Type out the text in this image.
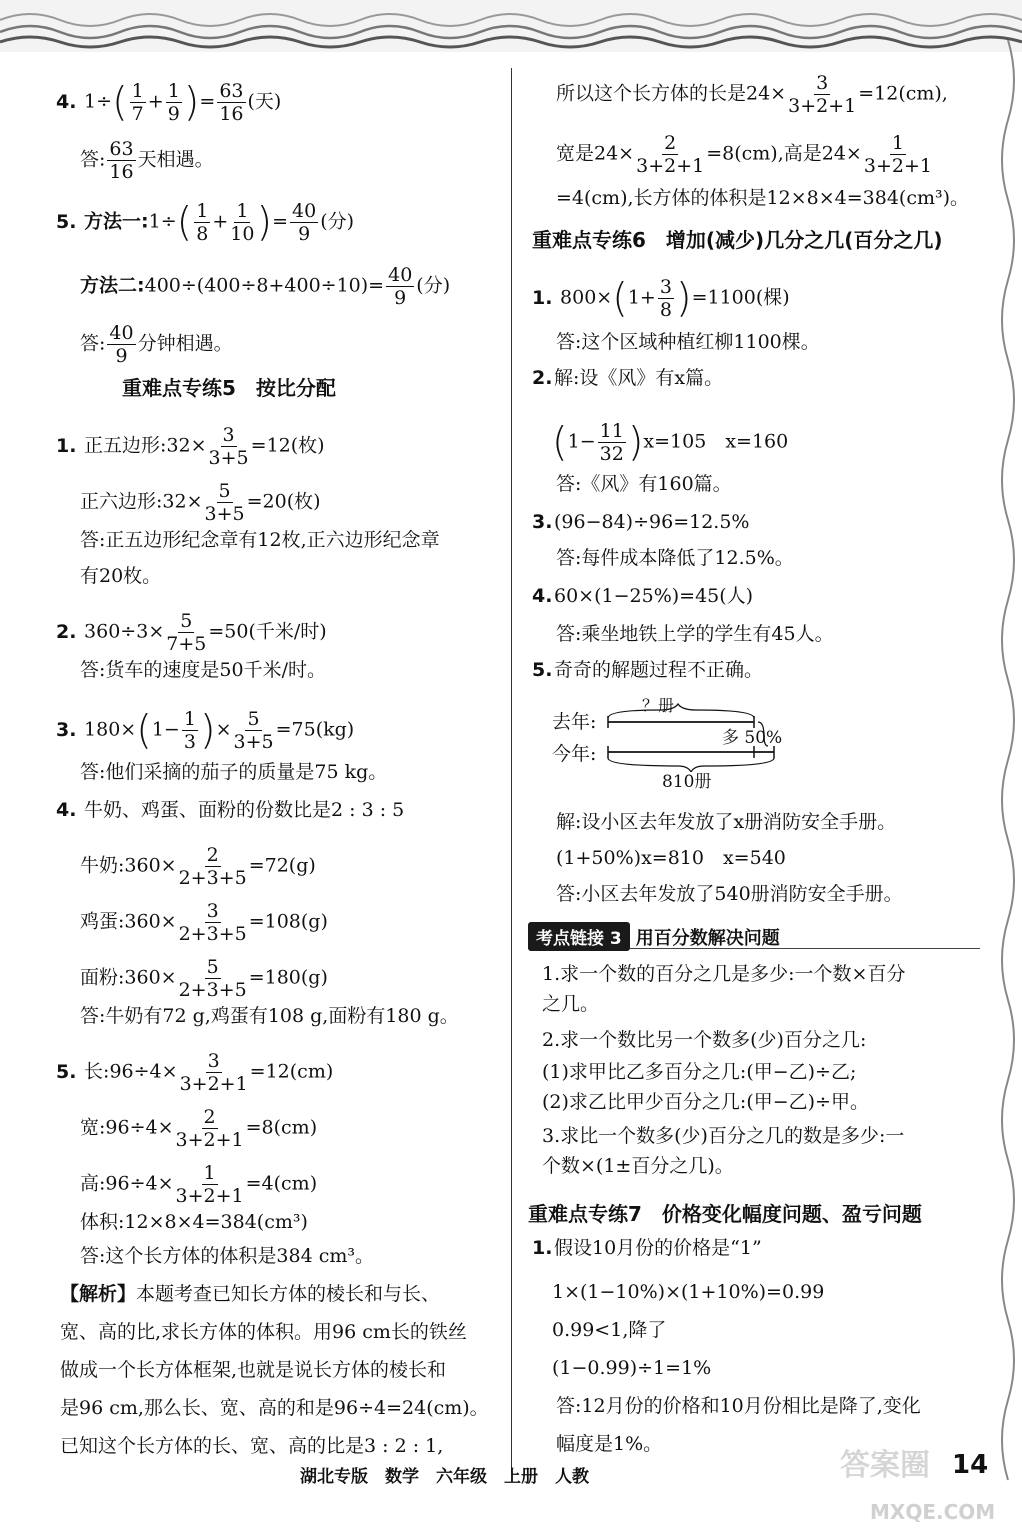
4. $1\div( \frac{1}{7} + \frac{1}{9}$ )= $\frac{63}{16}$ (天)
答: $\frac{63}{16}$ 天相遇。
5. 方法一:1÷( $\frac{1}{8} + \frac{1}{10}$ )= $\frac{40}{9}$ (分)
方法二:400÷(400÷8+400÷10)= $\frac{40}{9}$ (分)
答: $\frac{40}{9}$ 分钟相遇。
重难点专练5　按比分配
1. 正五边形:32× $\frac{3}{3+5} =12$(枚)
正六边形:32× $\frac{5}{3+5} =20$(枚)
答:正五边形纪念章有12枚,正六边形纪念章
有20枚。
2. $360\div 3\times \frac{5}{7+5} =50$(千米/时)
答:货车的速度是50千米/时。
3. $180\times(1- \frac{1}{3}$ )× $\frac{5}{3+5} =75(kg)$
答:他们采摘的茄子的质量是75 kg。
4. 牛奶、鸡蛋、面粉的份数比是2 : 3 : 5
牛奶:360× $\frac{2}{2+3+5} =72(g)$
鸡蛋:360× $\frac{3}{2+3+5} =108(g)$
面粉:360× $\frac{5}{2+3+5} =180(g)$
答:牛奶有72 g,鸡蛋有108 g,面粉有180 g。
5. 长:96÷4× $\frac{3}{3+2+1} =12(cm)$
宽:96÷4× $\frac{2}{3+2+1} =8(cm)$
高:96÷4× $\frac{1}{3+2+1} =4(cm)$
体积:12×8×4=384(cm³)
答:这个长方体的体积是384 cm³。
【解析】本题考查已知长方体的棱长和与长、
宽、高的比,求长方体的体积。用96 cm长的铁丝
做成一个长方体框架,也就是说长方体的棱长和
是96 cm,那么长、宽、高的和是96÷4=24(cm)。
已知这个长方体的长、宽、高的比是3 : 2 : 1,
所以这个长方体的长是$24\times \frac{3}{3+2+1} =12(cm)$,
宽是$24\times \frac{2}{3+2+1} =8(cm)$,高是$24\times \frac{1}{3+2+1}$
=4(cm),长方体的体积是12×8×4=384(cm³)。
重难点专练6　增加(减少)几分之几(百分之几)
1. $800\times(1+ \frac{3}{8} )=1100$(棵)
答:这个区域种植红柳1100棵。
2.解:设《风》有x篇。
$(1- \frac{11}{32} )x=105$　x=160
答:《风》有160篇。
3.(96−84)÷96=12.5%
答:每件成本降低了12.5%。
4.60×(1−25%)=45(人)
答:乘坐地铁上学的学生有45人。
5.奇奇的解题过程不正确。
去年:
今年:
？册
多 50%
810册
解:设小区去年发放了x册消防安全手册。
(1+50%)x=810　x=540
答:小区去年发放了540册消防安全手册。
考点链接 3 用百分数解决问题
1.求一个数的百分之几是多少:一个数×百分
之几。
2.求一个数比另一个数多(少)百分之几:
(1)求甲比乙多百分之几:(甲−乙)÷乙;
(2)求乙比甲少百分之几:(甲−乙)÷甲。
3.求比一个数多(少)百分之几的数是多少:一
个数×(1±百分之几)。
重难点专练7　价格变化幅度问题、盈亏问题
1.假设10月份的价格是“1”
1×(1−10%)×(1+10%)=0.99
0.99<1,降了
(1−0.99)÷1=1%
答:12月份的价格和10月份相比是降了,变化
幅度是1%。
答案圈
MXQE.COM
湖北专版　数学　六年级　上册　人教	14
